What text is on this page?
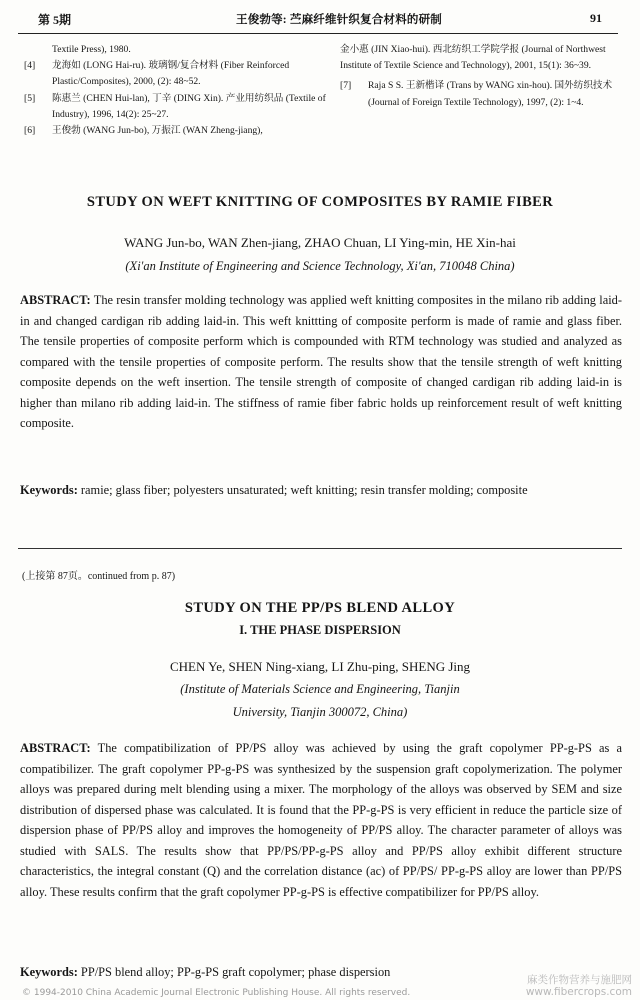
第 5期	王俊勃等: 苎麻纤维针织复合材料的研制	91
Textile Press), 1980.
[4] 龙海如 (LONG Hai-ru). 玻璃钢/复合材料 (Fiber Reinforced Plastic/Composites), 2000, (2): 48~52.
[5] 陈惠兰 (CHEN Hui-lan), 丁辛 (DING Xin). 产业用纺织品 (Textile of Industry), 1996, 14(2): 25~27.
[6] 王俊勃 (WANG Jun-bo), 万振江 (WAN Zheng-jiang),
金小惠 (JIN Xiao-hui). 西北纺织工学院学报 (Journal of Northwest Institute of Textile Science and Technology), 2001, 15(1): 36~39.
[7] Raja S S. 王新楷译 (Trans by WANG xin-hou). 国外纺织技术 (Journal of Foreign Textile Technology), 1997, (2): 1~4.
STUDY ON WEFT KNITTING OF COMPOSITES BY RAMIE FIBER
WANG Jun-bo, WAN Zhen-jiang, ZHAO Chuan, LI Ying-min, HE Xin-hai
(Xi'an Institute of Engineering and Science Technology, Xi'an, 710048 China)
ABSTRACT: The resin transfer molding technology was applied weft knitting composites in the milano rib adding laid-in and changed cardigan rib adding laid-in. This weft knittting of composite perform is made of ramie and glass fiber. The tensile properties of composite perform which is compounded with RTM technology was studied and analyzed as compared with the tensile properties of composite perform. The results show that the tensile strength of weft knitting composite depends on the weft insertion. The tensile strength of composite of changed cardigan rib adding laid-in is higher than milano rib adding laid-in. The stiffness of ramie fiber fabric holds up reinforcement result of weft knitting composite.
Keywords: ramie; glass fiber; polyesters unsaturated; weft knitting; resin transfer molding; composite
(上接第 87页。continued from p. 87)
STUDY ON THE PP/PS BLEND ALLOY
I. THE PHASE DISPERSION
CHEN Ye, SHEN Ning-xiang, LI Zhu-ping, SHENG Jing
(Institute of Materials Science and Engineering, Tianjin
University, Tianjin 300072, China)
ABSTRACT: The compatibilization of PP/PS alloy was achieved by using the graft copolymer PP-g-PS as a compatibilizer. The graft copolymer PP-g-PS was synthesized by the suspension graft copolymerization. The polymer alloys was prepared during melt blending using a mixer. The morphology of the alloys was observed by SEM and size distribution of dispersed phase was calculated. It is found that the PP-g-PS is very efficient in reduce the particle size of dispersion phase of PP/PS alloy and improves the homogeneity of PP/PS alloy. The character parameter of alloys was studied with SALS. The results show that PP/PS/PP-g-PS alloy and PP/PS alloy exhibit different structure characteristics, the integral constant (Q) and the correlation distance (ac) of PP/PS/ PP-g-PS alloy are lower than PP/PS alloy. These results confirm that the graft copolymer PP-g-PS is effective compatibilizer for PP/PS alloy.
Keywords: PP/PS blend alloy; PP-g-PS graft copolymer; phase dispersion
麻类作物营养与施肥网
www.fibercrops.com
© 1994-2010 China Academic Journal Electronic Publishing House. All rights reserved.
